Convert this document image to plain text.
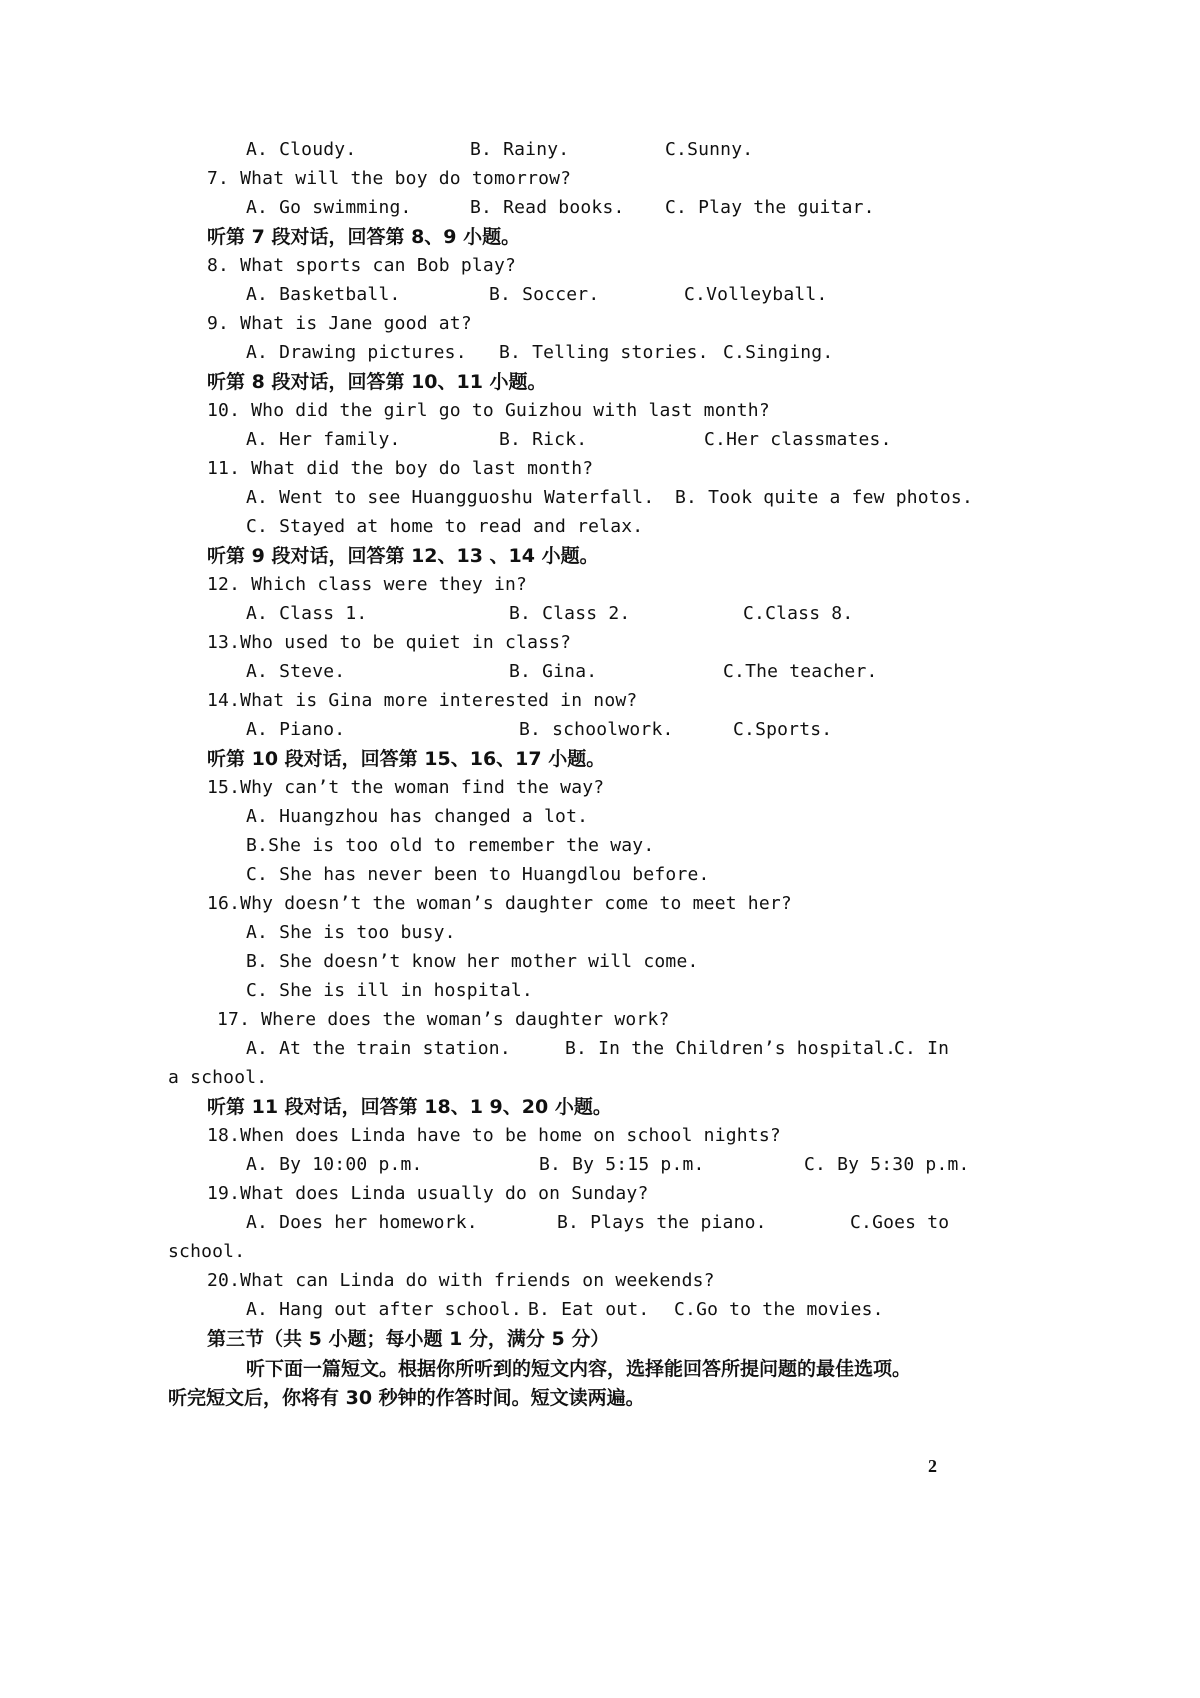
A. Cloudy.	B. Rainy.	C.Sunny.
7. What will the boy do tomorrow?
A. Go swimming.	B. Read books. C. Play the guitar.
听第 7 段对话，回答第 8、9 小题。
8. What sports can Bob play?
A. Basketball.	B. Soccer.	C.Volleyball.
9. What is Jane good at?
A. Drawing pictures. B. Telling stories. C.Singing.
听第 8 段对话，回答第 10、11 小题。
10. Who did the girl go to Guizhou with last month?
A. Her family.	B. Rick.	C.Her classmates.
11. What did the boy do last month?
A. Went to see Huangguoshu Waterfall. B. Took quite a few photos.
C. Stayed at home to read and relax.
听第 9 段对话，回答第 12、13 、14 小题。
12. Which class were they in?
A. Class 1.	B. Class 2.	C.Class 8.
13.Who used to be quiet in class?
A. Steve.	B. Gina.	C.The teacher.
14.What is Gina more interested in now?
A. Piano.	B. schoolwork.	C.Sports.
听第 10 段对话，回答第 15、16、17 小题。
15.Why can’t the woman find the way?
A. Huangzhou has changed a lot.
B.She is too old to remember the way.
C. She has never been to Huangdlou before.
16.Why doesn’t the woman’s daughter come to meet her?
A. She is too busy.
B. She doesn’t know her mother will come.
C. She is ill in hospital.
17. Where does the woman’s daughter work?
A. At the train station.	B. In the Children’s hospital.
C. In
a school.
听第 11 段对话，回答第 18、1 9、20 小题。
18.When does Linda have to be home on school nights?
A. By 10:00 p.m.	B. By 5:15 p.m.	C. By 5:30 p.m.
19.What does Linda usually do on Sunday?
A. Does her homework.	B. Plays the piano.	C.Goes to
school.
20.What can Linda do with friends on weekends?
A. Hang out after school. B. Eat out. C.Go to the movies.
第三节（共 5 小题；每小题 1 分，满分 5 分）
听下面一篇短文。根据你所听到的短文内容，选择能回答所提问题的最佳选项。
听完短文后，你将有 30 秒钟的作答时间。短文读两遍。
2
